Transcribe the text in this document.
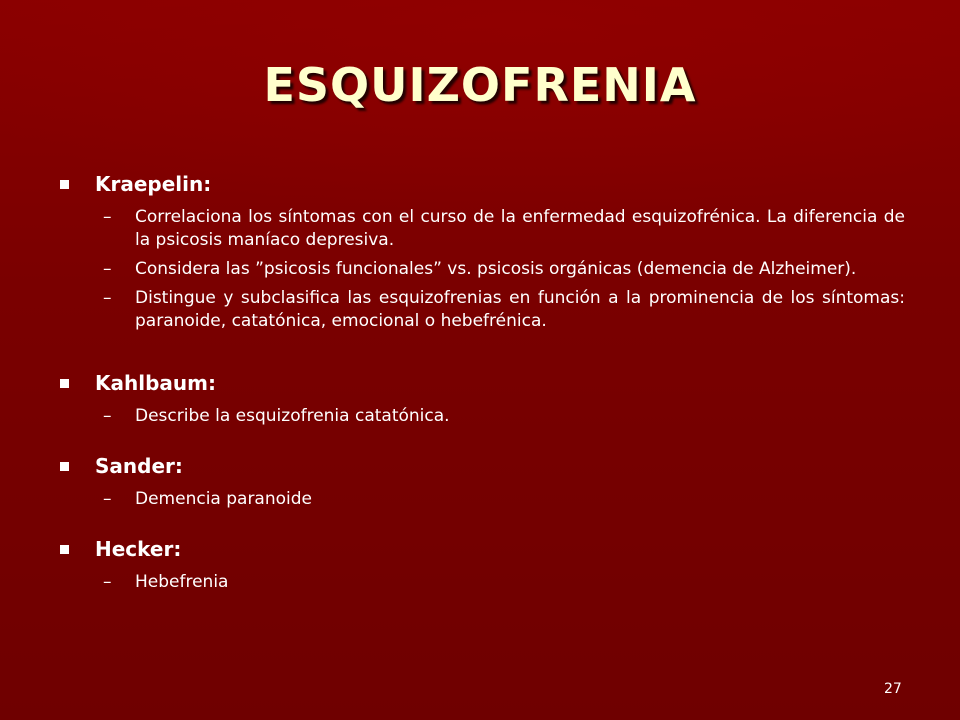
ESQUIZOFRENIA
Kraepelin:
– Correlaciona los síntomas con el curso de la enfermedad esquizofrénica. La diferencia de la psicosis maníaco depresiva.
– Considera las ”psicosis funcionales” vs. psicosis orgánicas (demencia de Alzheimer).
– Distingue y subclasifica las esquizofrenias en función a la prominencia de los síntomas: paranoide, catatónica, emocional o hebefrénica.
Kahlbaum:
– Describe la esquizofrenia catatónica.
Sander:
– Demencia paranoide
Hecker:
– Hebefrenia
27
